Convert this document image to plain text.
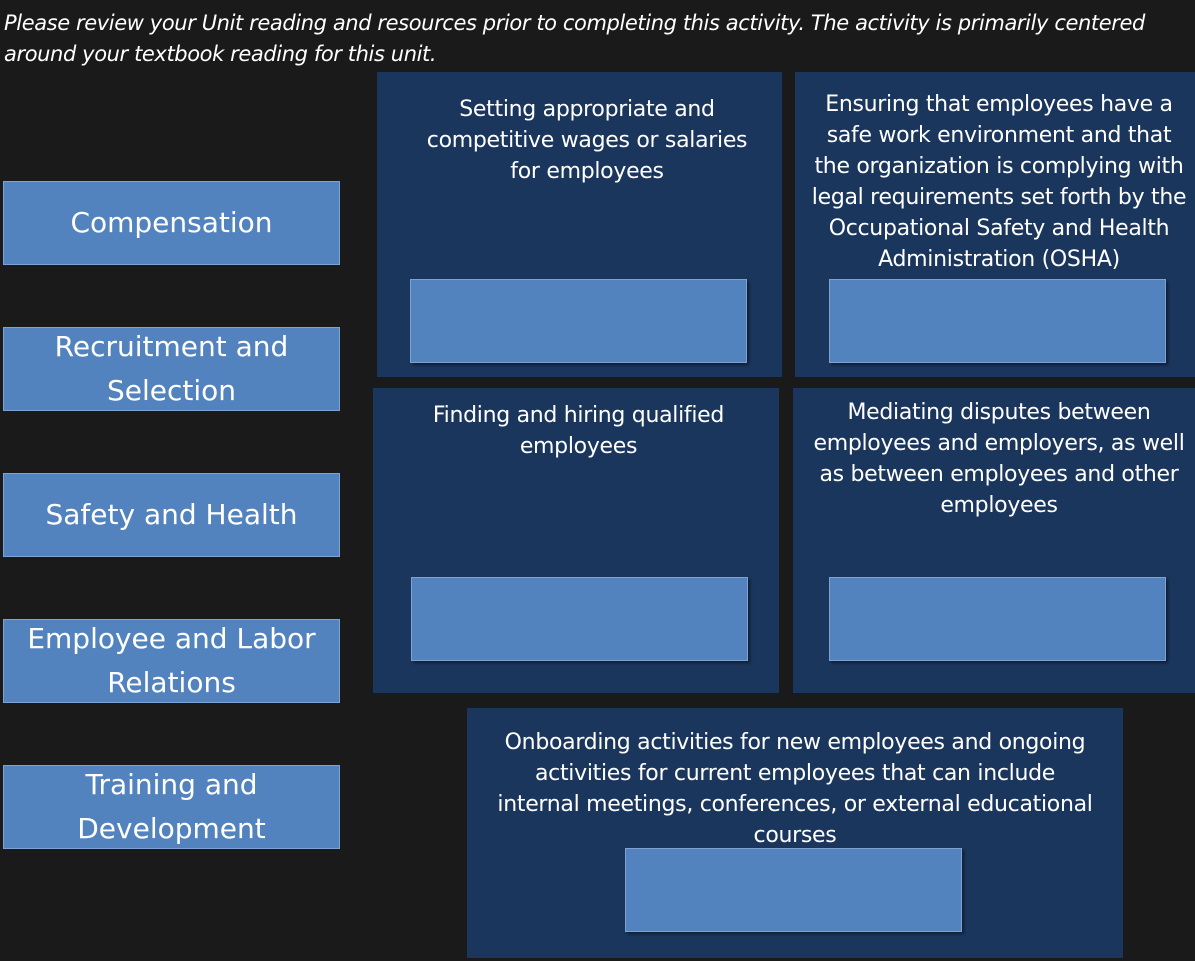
Please review your Unit reading and resources prior to completing this activity. The activity is primarily centered around your textbook reading for this unit.
Compensation
Recruitment and Selection
Safety and Health
Employee and Labor Relations
Training and Development
Setting appropriate and competitive wages or salaries for employees
Ensuring that employees have a safe work environment and that the organization is complying with legal requirements set forth by the Occupational Safety and Health Administration (OSHA)
Finding and hiring qualified employees
Mediating disputes between employees and employers, as well as between employees and other employees
Onboarding activities for new employees and ongoing activities for current employees that can include internal meetings, conferences, or external educational courses
